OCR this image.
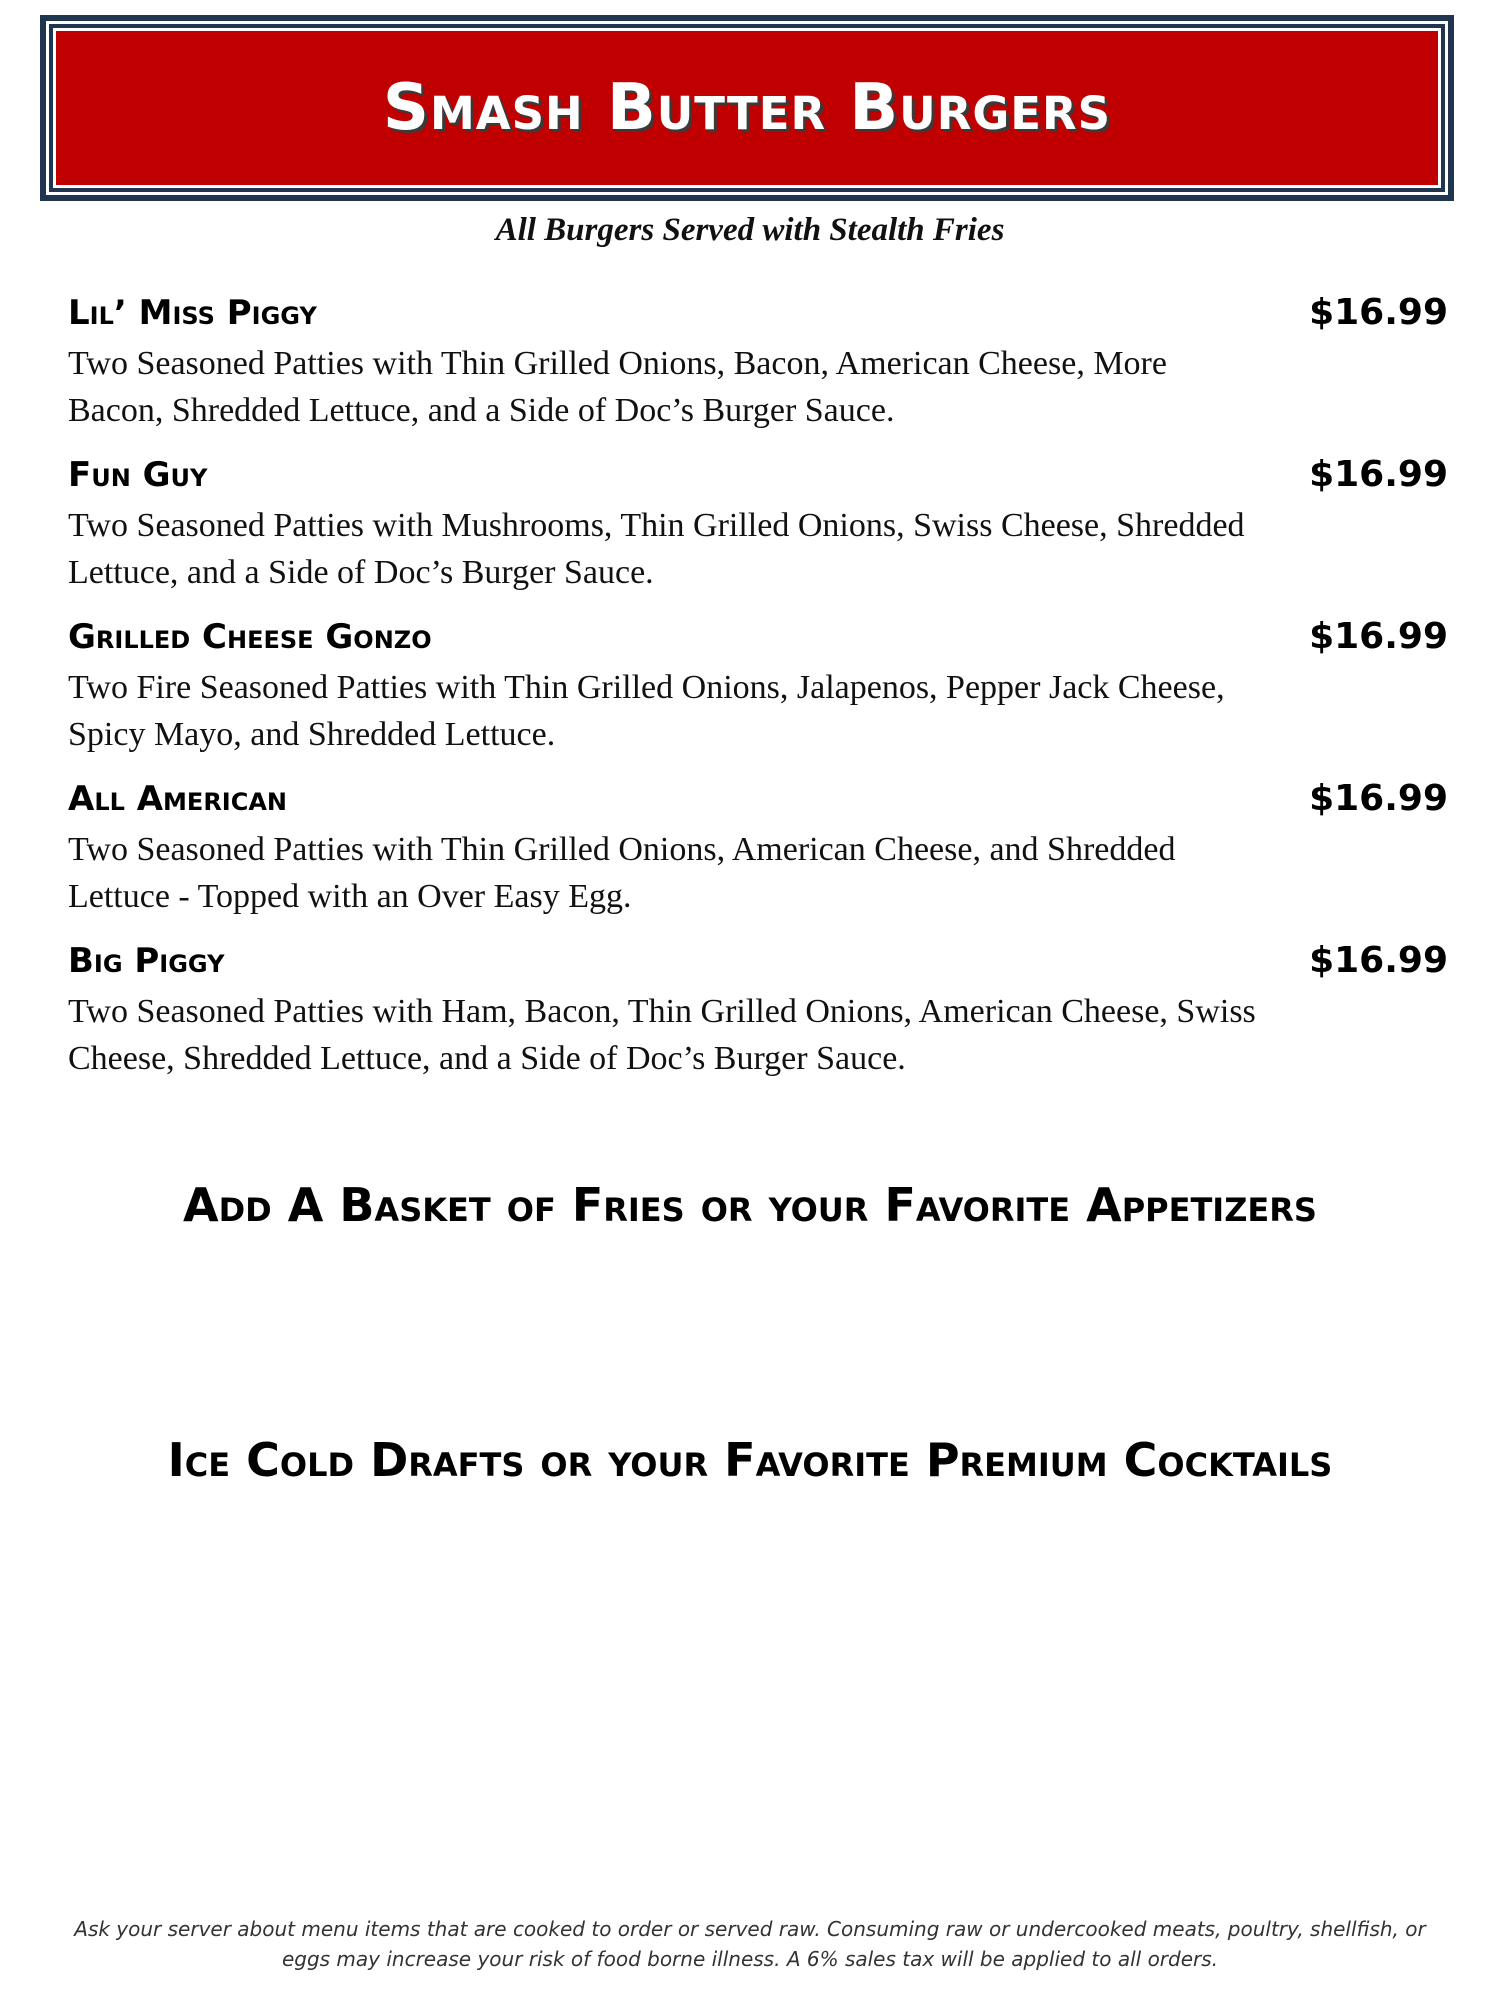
Smash Butter Burgers
All Burgers Served with Stealth Fries
Lil’ Miss Piggy	$16.99
Two Seasoned Patties with Thin Grilled Onions, Bacon, American Cheese, More Bacon, Shredded Lettuce, and a Side of Doc’s Burger Sauce.
Fun Guy	$16.99
Two Seasoned Patties with Mushrooms, Thin Grilled Onions, Swiss Cheese, Shredded Lettuce, and a Side of Doc’s Burger Sauce.
Grilled Cheese Gonzo	$16.99
Two Fire Seasoned Patties with Thin Grilled Onions, Jalapenos, Pepper Jack Cheese, Spicy Mayo, and Shredded Lettuce.
All American	$16.99
Two Seasoned Patties with Thin Grilled Onions, American Cheese, and Shredded Lettuce - Topped with an Over Easy Egg.
Big Piggy	$16.99
Two Seasoned Patties with Ham, Bacon, Thin Grilled Onions, American Cheese, Swiss Cheese, Shredded Lettuce, and a Side of Doc’s Burger Sauce.
Add A Basket of Fries or your Favorite Appetizers
Ice Cold Drafts or your Favorite Premium Cocktails
Ask your server about menu items that are cooked to order or served raw. Consuming raw or undercooked meats, poultry, shellfish, or eggs may increase your risk of food borne illness. A 6% sales tax will be applied to all orders.
